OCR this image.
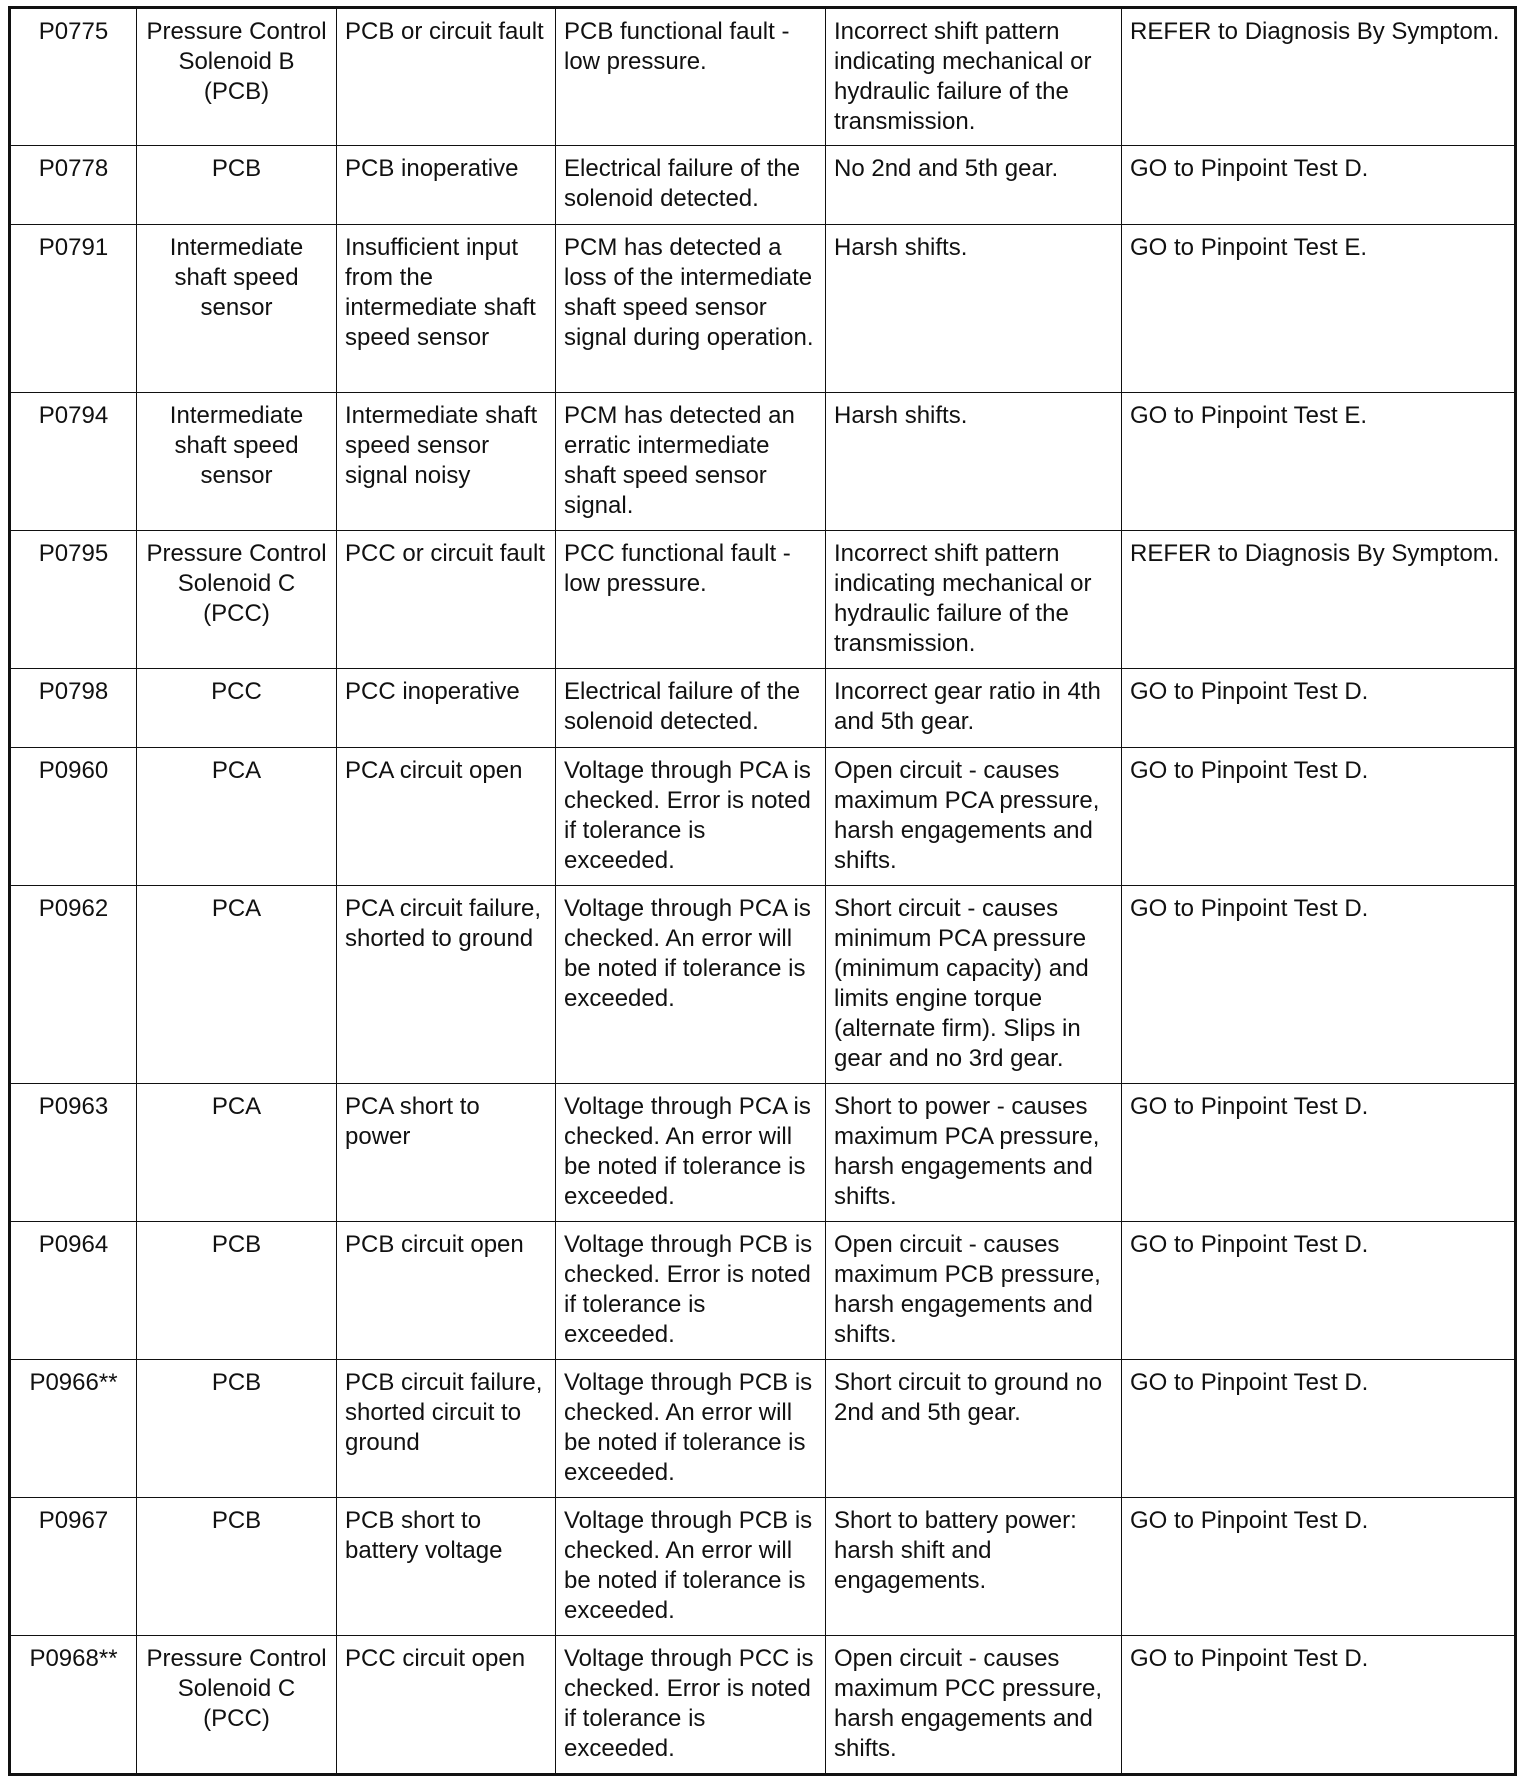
P0775	Pressure Control Solenoid B (PCB)	PCB or circuit fault	PCB functional fault - low pressure.	Incorrect shift pattern indicating mechanical or hydraulic failure of the transmission.	REFER to Diagnosis By Symptom.
P0778	PCB	PCB inoperative	Electrical failure of the solenoid detected.	No 2nd and 5th gear.	GO to Pinpoint Test D.
P0791	Intermediate shaft speed sensor	Insufficient input from the intermediate shaft speed sensor	PCM has detected a loss of the intermediate shaft speed sensor signal during operation.	Harsh shifts.	GO to Pinpoint Test E.
P0794	Intermediate shaft speed sensor	Intermediate shaft speed sensor signal noisy	PCM has detected an erratic intermediate shaft speed sensor signal.	Harsh shifts.	GO to Pinpoint Test E.
P0795	Pressure Control Solenoid C (PCC)	PCC or circuit fault	PCC functional fault - low pressure.	Incorrect shift pattern indicating mechanical or hydraulic failure of the transmission.	REFER to Diagnosis By Symptom.
P0798	PCC	PCC inoperative	Electrical failure of the solenoid detected.	Incorrect gear ratio in 4th and 5th gear.	GO to Pinpoint Test D.
P0960	PCA	PCA circuit open	Voltage through PCA is checked. Error is noted if tolerance is exceeded.	Open circuit - causes maximum PCA pressure, harsh engagements and shifts.	GO to Pinpoint Test D.
P0962	PCA	PCA circuit failure, shorted to ground	Voltage through PCA is checked. An error will be noted if tolerance is exceeded.	Short circuit - causes minimum PCA pressure (minimum capacity) and limits engine torque (alternate firm). Slips in gear and no 3rd gear.	GO to Pinpoint Test D.
P0963	PCA	PCA short to power	Voltage through PCA is checked. An error will be noted if tolerance is exceeded.	Short to power - causes maximum PCA pressure, harsh engagements and shifts.	GO to Pinpoint Test D.
P0964	PCB	PCB circuit open	Voltage through PCB is checked. Error is noted if tolerance is exceeded.	Open circuit - causes maximum PCB pressure, harsh engagements and shifts.	GO to Pinpoint Test D.
P0966**	PCB	PCB circuit failure, shorted circuit to ground	Voltage through PCB is checked. An error will be noted if tolerance is exceeded.	Short circuit to ground no 2nd and 5th gear.	GO to Pinpoint Test D.
P0967	PCB	PCB short to battery voltage	Voltage through PCB is checked. An error will be noted if tolerance is exceeded.	Short to battery power: harsh shift and engagements.	GO to Pinpoint Test D.
P0968**	Pressure Control Solenoid C (PCC)	PCC circuit open	Voltage through PCC is checked. Error is noted if tolerance is exceeded.	Open circuit - causes maximum PCC pressure, harsh engagements and shifts.	GO to Pinpoint Test D.
